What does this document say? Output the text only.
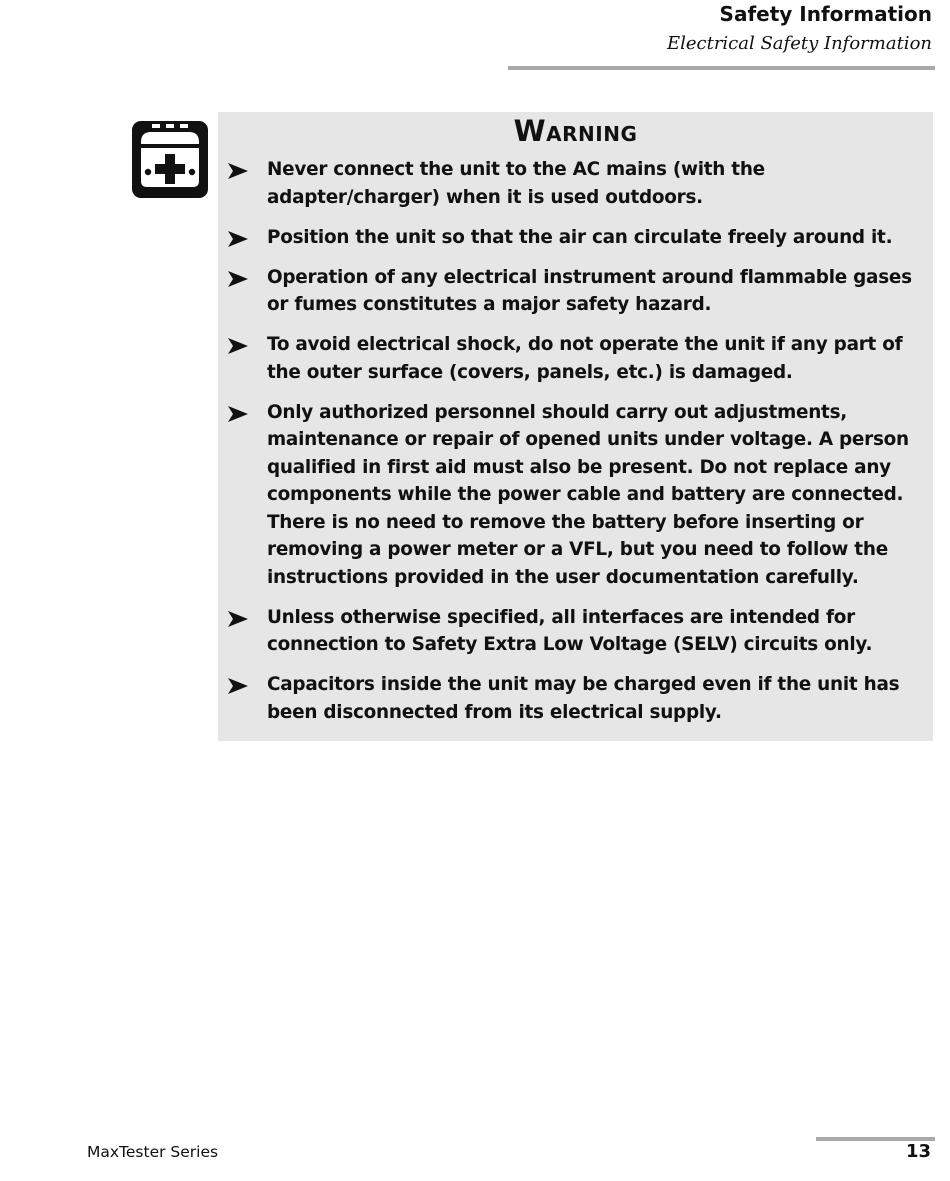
Safety Information
Electrical Safety Information
Warning
Never connect the unit to the AC mains (with the adapter/charger) when it is used outdoors.
Position the unit so that the air can circulate freely around it.
Operation of any electrical instrument around flammable gases or fumes constitutes a major safety hazard.
To avoid electrical shock, do not operate the unit if any part of the outer surface (covers, panels, etc.) is damaged.
Only authorized personnel should carry out adjustments, maintenance or repair of opened units under voltage. A person qualified in first aid must also be present. Do not replace any components while the power cable and battery are connected. There is no need to remove the battery before inserting or removing a power meter or a VFL, but you need to follow the instructions provided in the user documentation carefully.
Unless otherwise specified, all interfaces are intended for connection to Safety Extra Low Voltage (SELV) circuits only.
Capacitors inside the unit may be charged even if the unit has been disconnected from its electrical supply.
MaxTester Series	13
